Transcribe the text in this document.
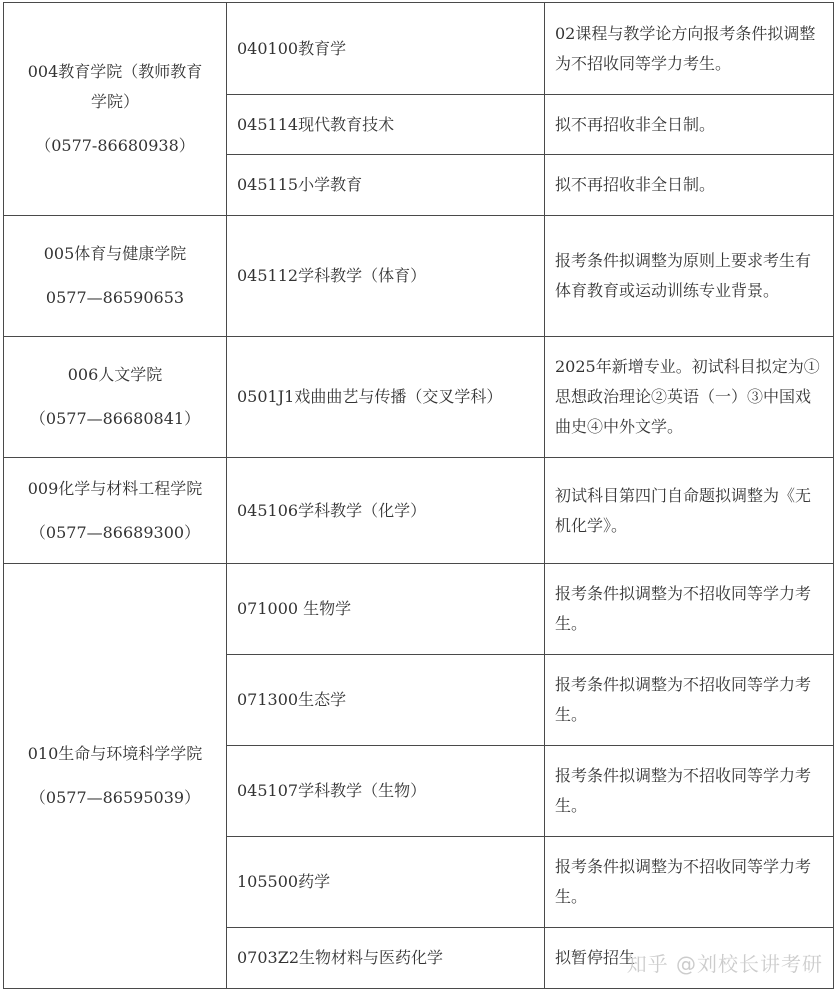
004教育学院（教师教育
学院）
（0577-86680938）	040100教育学	02课程与教学论方向报考条件拟调整为不招收同等学力考生。
	045114现代教育技术	拟不再招收非全日制。
	045115小学教育	拟不再招收非全日制。

005体育与健康学院
0577—86590653	045112学科教学（体育）	报考条件拟调整为原则上要求考生有体育教育或运动训练专业背景。

006人文学院
（0577—86680841）	0501J1戏曲曲艺与传播（交叉学科）	2025年新增专业。初试科目拟定为①思想政治理论②英语（一）③中国戏曲史④中外文学。

009化学与材料工程学院
（0577—86689300）	045106学科教学（化学）	初试科目第四门自命题拟调整为《无机化学》。

010生命与环境科学学院
（0577—86595039）	071000 生物学	报考条件拟调整为不招收同等学力考生。
	071300生态学	报考条件拟调整为不招收同等学力考生。
	045107学科教学（生物）	报考条件拟调整为不招收同等学力考生。
	105500药学	报考条件拟调整为不招收同等学力考生。
	0703Z2生物材料与医药化学	拟暂停招生
知乎 @刘校长讲考研
